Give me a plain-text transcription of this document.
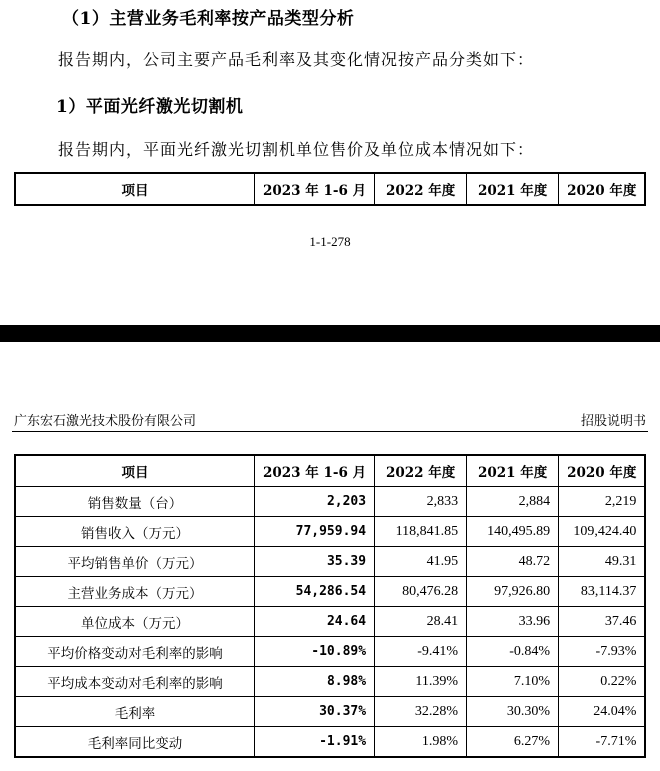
（1）主营业务毛利率按产品类型分析
报告期内，公司主要产品毛利率及其变化情况按产品分类如下：
1）平面光纤激光切割机
报告期内，平面光纤激光切割机单位售价及单位成本情况如下：
项目	2023 年 1-6 月	2022 年度	2021 年度	2020 年度
1-1-278
广东宏石激光技术股份有限公司	招股说明书
项目	2023 年 1-6 月	2022 年度	2021 年度	2020 年度
销售数量（台）	2,203	2,833	2,884	2,219
销售收入（万元）	77,959.94	118,841.85	140,495.89	109,424.40
平均销售单价（万元）	35.39	41.95	48.72	49.31
主营业务成本（万元）	54,286.54	80,476.28	97,926.80	83,114.37
单位成本（万元）	24.64	28.41	33.96	37.46
平均价格变动对毛利率的影响	-10.89%	-9.41%	-0.84%	-7.93%
平均成本变动对毛利率的影响	8.98%	11.39%	7.10%	0.22%
毛利率	30.37%	32.28%	30.30%	24.04%
毛利率同比变动	-1.91%	1.98%	6.27%	-7.71%
